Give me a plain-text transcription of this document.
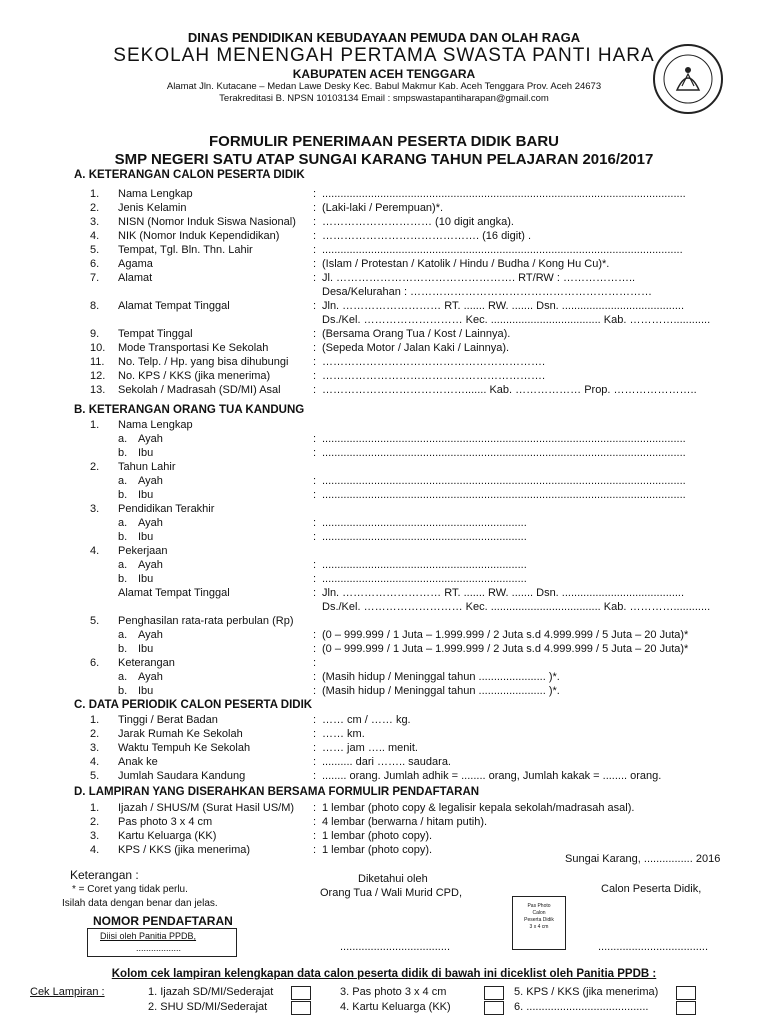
DINAS PENDIDIKAN KEBUDAYAAN PEMUDA DAN OLAH RAGA
SEKOLAH MENENGAH PERTAMA SWASTA PANTI HARA
KABUPATEN ACEH TENGGARA
Alamat Jln. Kutacane – Medan Lawe Desky Kec. Babul Makmur Kab. Aceh Tenggara Prov. Aceh 24673
Terakreditasi B. NPSN 10103134 Email : smpswastapantiharapan@gmail.com
FORMULIR PENERIMAAN PESERTA DIDIK BARU
SMP NEGERI SATU ATAP SUNGAI KARANG TAHUN PELAJARAN 2016/2017
A. KETERANGAN CALON PESERTA DIDIK
1. Nama Lengkap	: .......................................................................................................................
2. Jenis Kelamin	: (Laki-laki / Perempuan)*.
3. NISN (Nomor Induk Siswa Nasional) : ………………………… (10 digit angka).
4. NIK (Nomor Induk Kependidikan)	: ……………………………………. (16 digit) .
5. Tempat, Tgl. Bln. Thn. Lahir	: ......................................................................................................................
6. Agama	: (Islam / Protestan / Katolik / Hindu / Budha / Kong Hu Cu)*.
7. Alamat	: Jl. …………………………………………. RT/RW : ………………..
Desa/Kelurahan : …………………………………………………………
8. Alamat Tempat Tinggal	: Jln. ……………………… RT. ....... RW. ....... Dsn. ........................................
Ds./Kel. ……………………… Kec. .................................... Kab. …………............
9. Tempat Tinggal	: (Bersama Orang Tua / Kost / Lainnya).
10. Mode Transportasi Ke Sekolah	: (Sepeda Motor / Jalan Kaki / Lainnya).
11. No. Telp. / Hp. yang bisa dihubungi : …………………………………………………….
12. No. KPS / KKS (jika menerima)	: …………………………………………………….
13. Sekolah / Madrasah (SD/MI) Asal	: …………………………………....... Kab. ……………… Prop. …………………..
B. KETERANGAN ORANG TUA KANDUNG
1. Nama Lengkap
a. Ayah	: .......................................................................................................................
b. Ibu	: .......................................................................................................................
2. Tahun Lahir
a. Ayah	: .......................................................................................................................
b. Ibu	: .......................................................................................................................
3. Pendidikan Terakhir
a. Ayah	: ...................................................................
b. Ibu	: ...................................................................
4. Pekerjaan
a. Ayah	: ...................................................................
b. Ibu	: ...................................................................
Alamat Tempat Tinggal	: Jln. ……………………… RT. ....... RW. ....... Dsn. ........................................
Ds./Kel. ……………………… Kec. .................................... Kab. …………............
5. Penghasilan rata-rata perbulan (Rp)
a. Ayah	: (0 – 999.999 / 1 Juta – 1.999.999 / 2 Juta s.d 4.999.999 / 5 Juta – 20 Juta)*
b. Ibu	: (0 – 999.999 / 1 Juta – 1.999.999 / 2 Juta s.d 4.999.999 / 5 Juta – 20 Juta)*
6. Keterangan	:
a. Ayah	: (Masih hidup / Meninggal tahun ...................... )*.
b. Ibu	: (Masih hidup / Meninggal tahun ...................... )*.
C. DATA PERIODIK CALON PESERTA DIDIK
1. Tinggi / Berat Badan	: …… cm / …… kg.
2. Jarak Rumah Ke Sekolah	: …… km.
3. Waktu Tempuh Ke Sekolah	: …… jam ….. menit.
4. Anak ke	: .......... dari …….. saudara.
5. Jumlah Saudara Kandung	: ........ orang. Jumlah adhik = ........ orang, Jumlah kakak = ........ orang.
D. LAMPIRAN YANG DISERAHKAN BERSAMA FORMULIR PENDAFTARAN
1. Ijazah / SHUS/M (Surat Hasil US/M) : 1 lembar (photo copy & legalisir kepala sekolah/madrasah asal).
2. Pas photo 3 x 4 cm	: 4 lembar (berwarna / hitam putih).
3. Kartu Keluarga (KK)	: 1 lembar (photo copy).
4. KPS / KKS (jika menerima)	: 1 lembar (photo copy).
Sungai Karang, ................ 2016
Keterangan :
* = Coret yang tidak perlu.
Isilah data dengan benar dan jelas.
Diketahui oleh
Orang Tua / Wali Murid CPD,	Calon Peserta Didik,
NOMOR PENDAFTARAN
Diisi oleh Panitia PPDB,
..................
Pas Photo
Calon
Peserta Didik
3 x 4 cm
....................................	....................................
Kolom cek lampiran kelengkapan data calon peserta didik di bawah ini diceklist oleh Panitia PPDB :
Cek Lampiran :	1. Ijazah SD/MI/Sederajat	3. Pas photo 3 x 4 cm	5. KPS / KKS (jika menerima)
2. SHU SD/MI/Sederajat	4. Kartu Keluarga (KK)	6. ........................................
